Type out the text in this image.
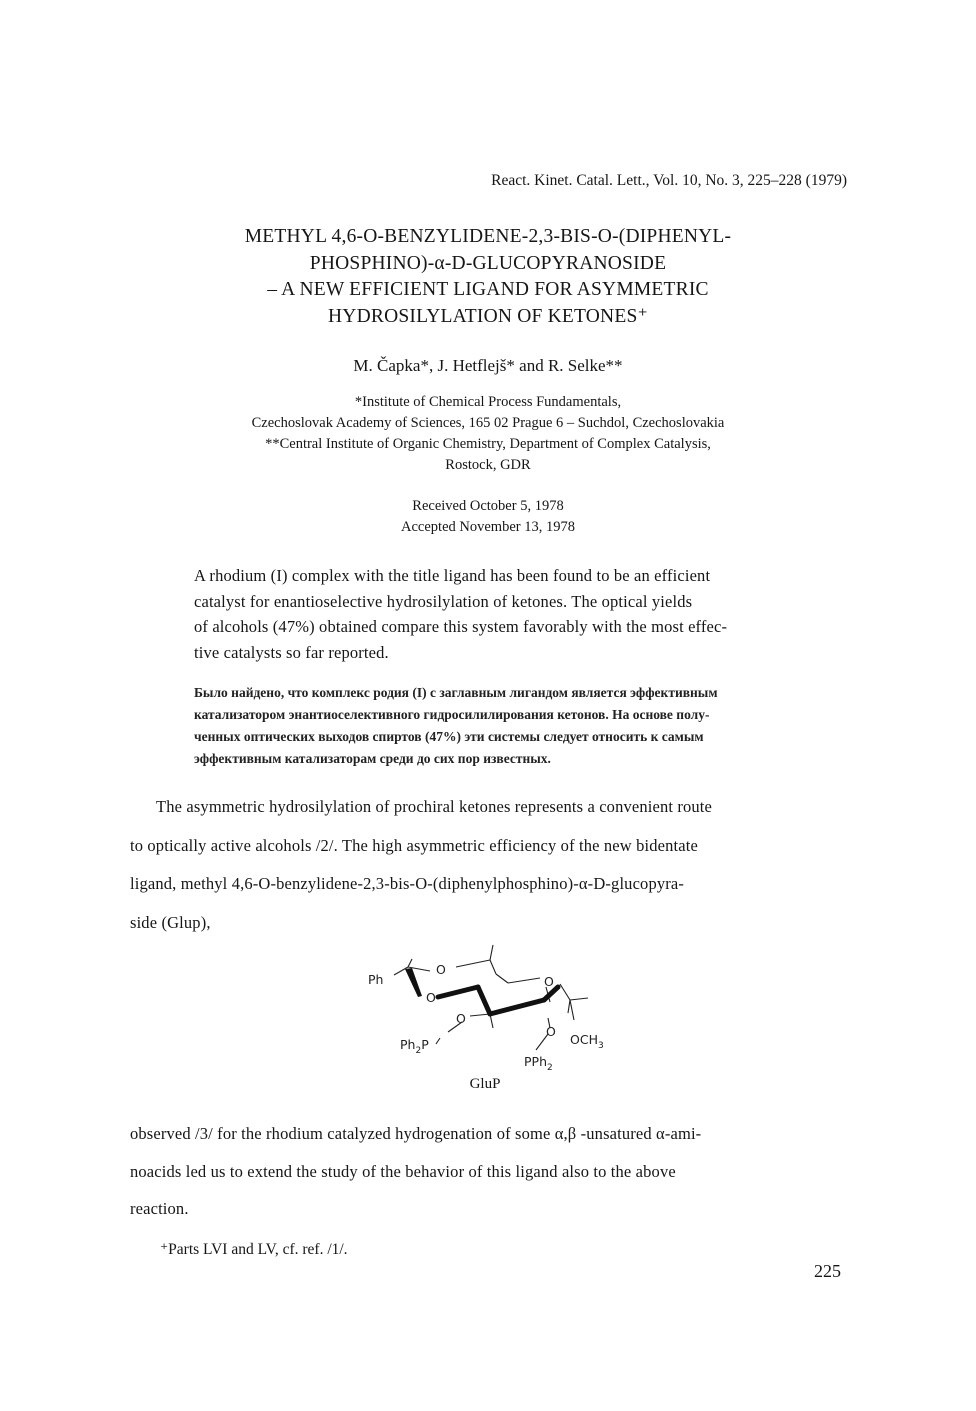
React. Kinet. Catal. Lett., Vol. 10, No. 3, 225–228 (1979)
METHYL 4,6-O-BENZYLIDENE-2,3-BIS-O-(DIPHENYL-
PHOSPHINO)-α-D-GLUCOPYRANOSIDE
– A NEW EFFICIENT LIGAND FOR ASYMMETRIC
HYDROSILYLATION OF KETONES⁺
M. Čapka*, J. Hetflejš* and R. Selke**
*Institute of Chemical Process Fundamentals,
Czechoslovak Academy of Sciences, 165 02 Prague 6 – Suchdol, Czechoslovakia
**Central Institute of Organic Chemistry, Department of Complex Catalysis,
Rostock, GDR
Received October 5, 1978
Accepted November 13, 1978
A rhodium (I) complex with the title ligand has been found to be an efficient
catalyst for enantioselective hydrosilylation of ketones. The optical yields
of alcohols (47%) obtained compare this system favorably with the most effec-
tive catalysts so far reported.
Было найдено, что комплекс родия (I) с заглавным лигандом является эффективным
катализатором энантиоселективного гидросилилирования кетонов. На основе полу-
ченных оптических выходов спиртов (47%) эти системы следует относить к самым
эффективным катализаторам среди до сих пор известных.
The asymmetric hydrosilylation of prochiral ketones represents a convenient route
to optically active alcohols /2/. The high asymmetric efficiency of the new bidentate
ligand, methyl 4,6-O-benzylidene-2,3-bis-O-(diphenylphosphino)-α-D-glucopyra-
side (Glup),
Ph
O
O
O
O
O
$Ph_2P$	$OCH_3$
PPh$_2$
GluP
observed /3/ for the rhodium catalyzed hydrogenation of some α,β -unsatured α-ami-
noacids led us to extend the study of the behavior of this ligand also to the above
reaction.
⁺Parts LVI and LV, cf. ref. /1/.
225
